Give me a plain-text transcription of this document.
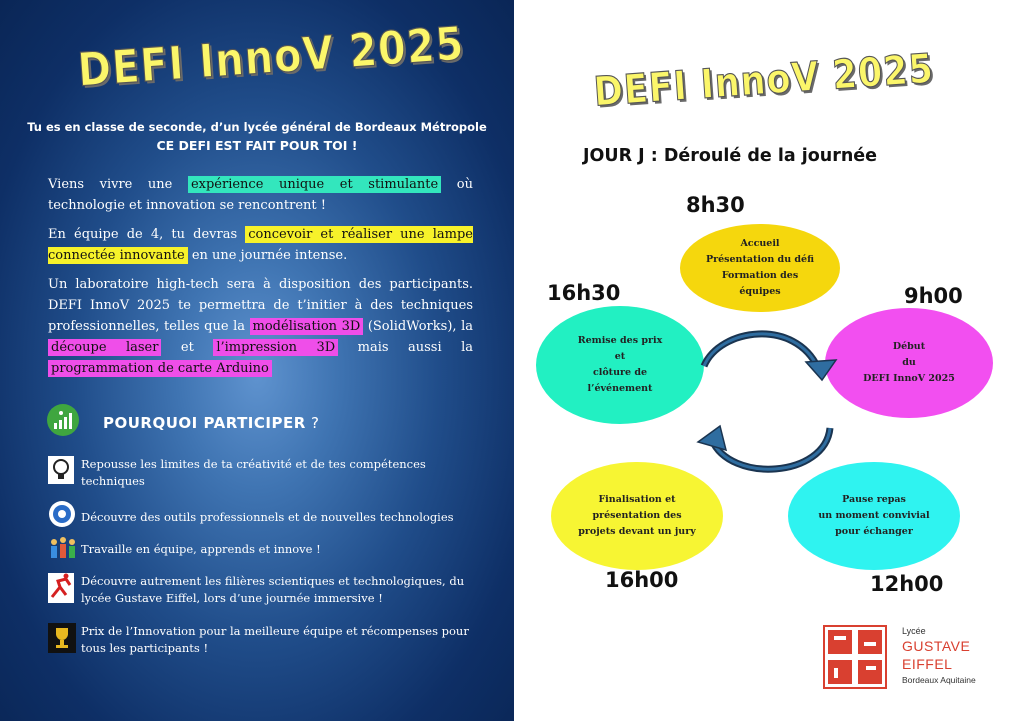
DEFI InnoV 2025
Tu es en classe de seconde, d’un lycée général de Bordeaux Métropole
CE DEFI EST FAIT POUR TOI !

Viens vivre une expérience unique et stimulante où technologie et innovation se rencontrent !

En équipe de 4, tu devras concevoir et réaliser une lampe connectée innovante en une journée intense.

Un laboratoire high-tech sera à disposition des participants. DEFI InnoV 2025 te permettra de t’initier à des techniques professionnelles, telles que la modélisation 3D (SolidWorks), la découpe laser et l’impression 3D mais aussi la programmation de carte Arduino

POURQUOI PARTICIPER ?
Repousse les limites de ta créativité et de tes compétences techniques
Découvre des outils professionnels et de nouvelles technologies
Travaille en équipe, apprends et innove !
Découvre autrement les filières scientiques et technologiques, du lycée Gustave Eiffel, lors d’une journée immersive !
Prix de l’Innovation pour la meilleure équipe et récompenses pour tous les participants !
DEFI InnoV 2025
JOUR J : Déroulé de la journée
Accueil
Présentation du défi
Formation des
équipes
Début
du
DEFI InnoV 2025
Pause repas
un moment convivial
pour échanger
Finalisation et
présentation des
projets devant un jury
Remise des prix
et
clôture de
l’événement
8h30
9h00
12h00
16h00
16h30
Lycée
GUSTAVE
EIFFEL
Bordeaux Aquitaine
